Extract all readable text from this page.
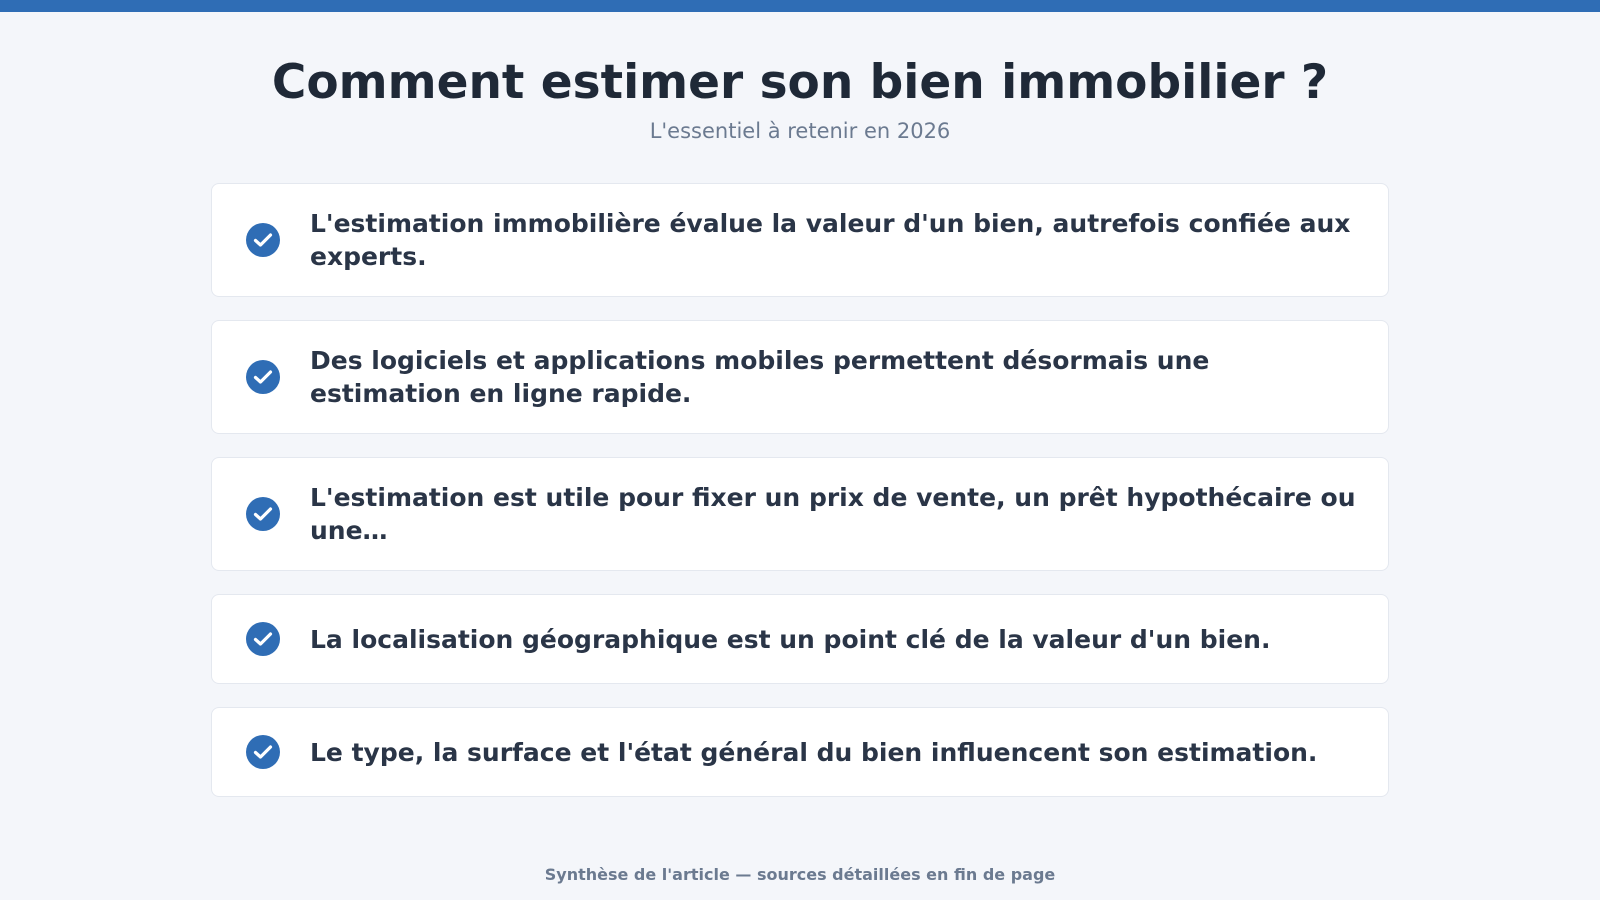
Comment estimer son bien immobilier ?
L'essentiel à retenir en 2026
L'estimation immobilière évalue la valeur d'un bien, autrefois confiée aux experts.
Des logiciels et applications mobiles permettent désormais une estimation en ligne rapide.
L'estimation est utile pour fixer un prix de vente, un prêt hypothécaire ou une…
La localisation géographique est un point clé de la valeur d'un bien.
Le type, la surface et l'état général du bien influencent son estimation.
Synthèse de l'article — sources détaillées en fin de page
